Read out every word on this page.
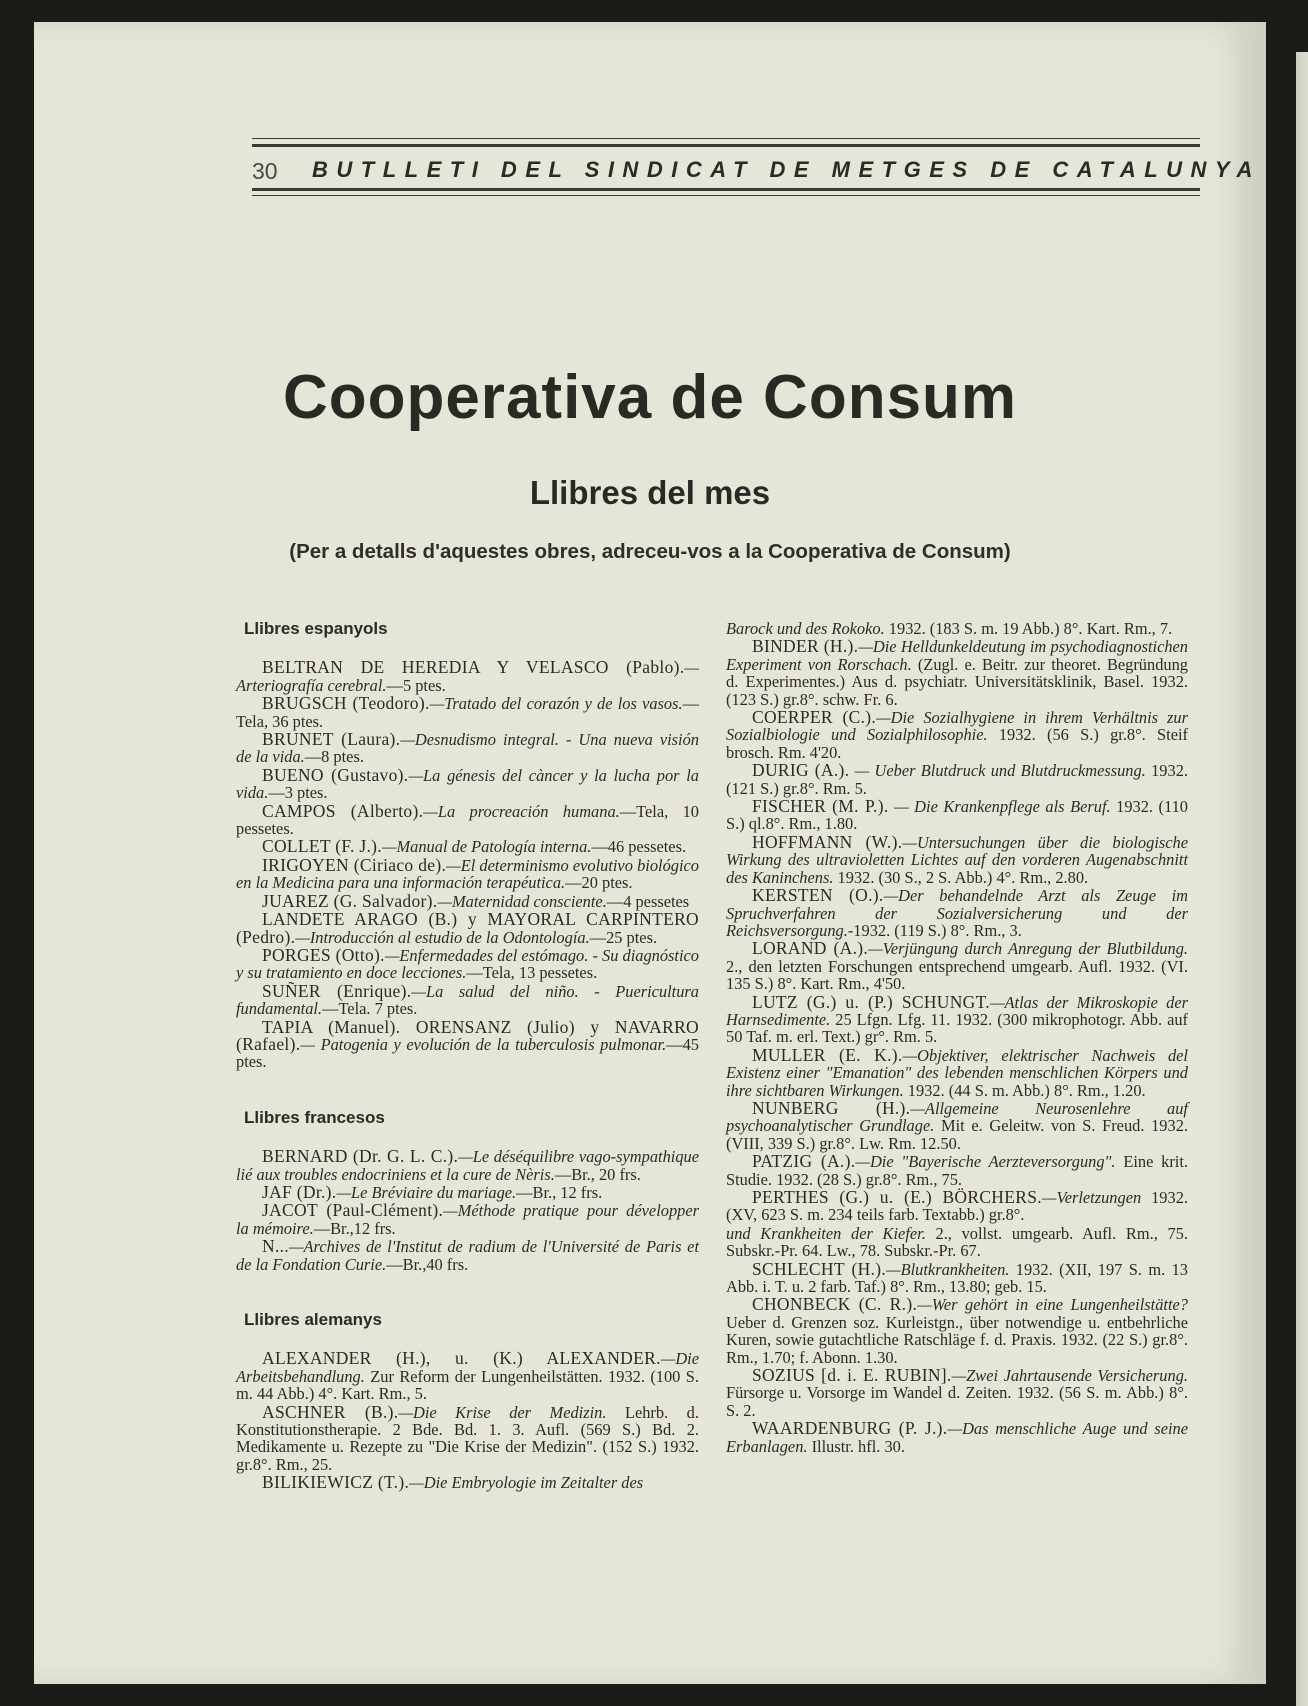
30 BUTLLETI DEL SINDICAT DE METGES DE CATALUNYA
Cooperativa de Consum
Llibres del mes
(Per a detalls d'aquestes obres, adreceu-vos a la Cooperativa de Consum)
Llibres espanyols

BELTRAN DE HEREDIA Y VELASCO (Pablo).—Arteriografía cerebral.—5 ptes.

BRUGSCH (Teodoro).—Tratado del corazón y de los vasos.—Tela, 36 ptes.

BRUNET (Laura).—Desnudismo integral. - Una nueva visión de la vida.—8 ptes.

BUENO (Gustavo).—La génesis del càncer y la lucha por la vida.—3 ptes.

CAMPOS (Alberto).—La procreación humana.—Tela, 10 pessetes.

COLLET (F. J.).—Manual de Patología interna.—46 pessetes.

IRIGOYEN (Ciriaco de).—El determinismo evolutivo biológico en la Medicina para una información terapéutica.—20 ptes.

JUAREZ (G. Salvador).—Maternidad consciente.—4 pessetes

LANDETE ARAGO (B.) y MAYORAL CARPINTERO (Pedro).—Introducción al estudio de la Odontología.—25 ptes.

PORGES (Otto).—Enfermedades del estómago. - Su diagnóstico y su tratamiento en doce lecciones.—Tela, 13 pessetes.

SUÑER (Enrique).—La salud del niño. - Puericultura fundamental.—Tela. 7 ptes.

TAPIA (Manuel). ORENSANZ (Julio) y NAVARRO (Rafael).— Patogenia y evolución de la tuberculosis pulmonar.—45 ptes.

Llibres francesos

BERNARD (Dr. G. L. C.).—Le déséquilibre vago-sympathique lié aux troubles endocriniens et la cure de Nèris.—Br., 20 frs.

JAF (Dr.).—Le Bréviaire du mariage.—Br., 12 frs.

JACOT (Paul-Clément).—Méthode pratique pour développer la mémoire.—Br.,12 frs.

N...—Archives de l'Institut de radium de l'Université de Paris et de la Fondation Curie.—Br.,40 frs.

Llibres alemanys

ALEXANDER (H.), u. (K.) ALEXANDER.—Die Arbeitsbehandlung. Zur Reform der Lungenheilstätten. 1932. (100 S. m. 44 Abb.) 4°. Kart. Rm., 5.

ASCHNER (B.).—Die Krise der Medizin. Lehrb. d. Konstitutionstherapie. 2 Bde. Bd. 1. 3. Aufl. (569 S.) Bd. 2. Medikamente u. Rezepte zu "Die Krise der Medizin". (152 S.) 1932. gr.8°. Rm., 25.

BILIKIEWICZ (T.).—Die Embryologie im Zeitalter des

Barock und des Rokoko. 1932. (183 S. m. 19 Abb.) 8°. Kart. Rm., 7.

BINDER (H.).—Die Helldunkeldeutung im psychodiagnostichen Experiment von Rorschach. (Zugl. e. Beitr. zur theoret. Begründung d. Experimentes.) Aus d. psychiatr. Universitätsklinik, Basel. 1932. (123 S.) gr.8°. schw. Fr. 6.

COERPER (C.).—Die Sozialhygiene in ihrem Verhältnis zur Sozialbiologie und Sozialphilosophie. 1932. (56 S.) gr.8°. Steif brosch. Rm. 4'20.

DURIG (A.). — Ueber Blutdruck und Blutdruckmessung. 1932. (121 S.) gr.8°. Rm. 5.

FISCHER (M. P.). — Die Krankenpflege als Beruf. 1932. (110 S.) ql.8°. Rm., 1.80.

HOFFMANN (W.).—Untersuchungen über die biologische Wirkung des ultravioletten Lichtes auf den vorderen Augenabschnitt des Kaninchens. 1932. (30 S., 2 S. Abb.) 4°. Rm., 2.80.

KERSTEN (O.).—Der behandelnde Arzt als Zeuge im Spruchverfahren der Sozialversicherung und der Reichsversorgung.-1932. (119 S.) 8°. Rm., 3.

LORAND (A.).—Verjüngung durch Anregung der Blutbildung. 2., den letzten Forschungen entsprechend umgearb. Aufl. 1932. (VI. 135 S.) 8°. Kart. Rm., 4'50.

LUTZ (G.) u. (P.) SCHUNGT.—Atlas der Mikroskopie der Harnsedimente. 25 Lfgn. Lfg. 11. 1932. (300 mikrophotogr. Abb. auf 50 Taf. m. erl. Text.) gr°. Rm. 5.

MULLER (E. K.).—Objektiver, elektrischer Nachweis del Existenz einer "Emanation" des lebenden menschlichen Körpers und ihre sichtbaren Wirkungen. 1932. (44 S. m. Abb.) 8°. Rm., 1.20.

NUNBERG (H.).—Allgemeine Neurosenlehre auf psychoanalytischer Grundlage. Mit e. Geleitw. von S. Freud. 1932. (VIII, 339 S.) gr.8°. Lw. Rm. 12.50.

PATZIG (A.).—Die "Bayerische Aerzteversorgung". Eine krit. Studie. 1932. (28 S.) gr.8°. Rm., 75.

PERTHES (G.) u. (E.) BÖRCHERS.—Verletzungen 1932. (XV, 623 S. m. 234 teils farb. Textabb.) gr.8°.

und Krankheiten der Kiefer. 2., vollst. umgearb. Aufl. Rm., 75. Subskr.-Pr. 64. Lw., 78. Subskr.-Pr. 67.

SCHLECHT (H.).—Blutkrankheiten. 1932. (XII, 197 S. m. 13 Abb. i. T. u. 2 farb. Taf.) 8°. Rm., 13.80; geb. 15.

CHONBECK (C. R.).—Wer gehört in eine Lungenheilstätte? Ueber d. Grenzen soz. Kurleistgn., über notwendige u. entbehrliche Kuren, sowie gutachtliche Ratschläge f. d. Praxis. 1932. (22 S.) gr.8°. Rm., 1.70; f. Abonn. 1.30.

SOZIUS [d. i. E. RUBIN].—Zwei Jahrtausende Versicherung. Fürsorge u. Vorsorge im Wandel d. Zeiten. 1932. (56 S. m. Abb.) 8°. S. 2.

WAARDENBURG (P. J.).—Das menschliche Auge und seine Erbanlagen. Illustr. hfl. 30.
